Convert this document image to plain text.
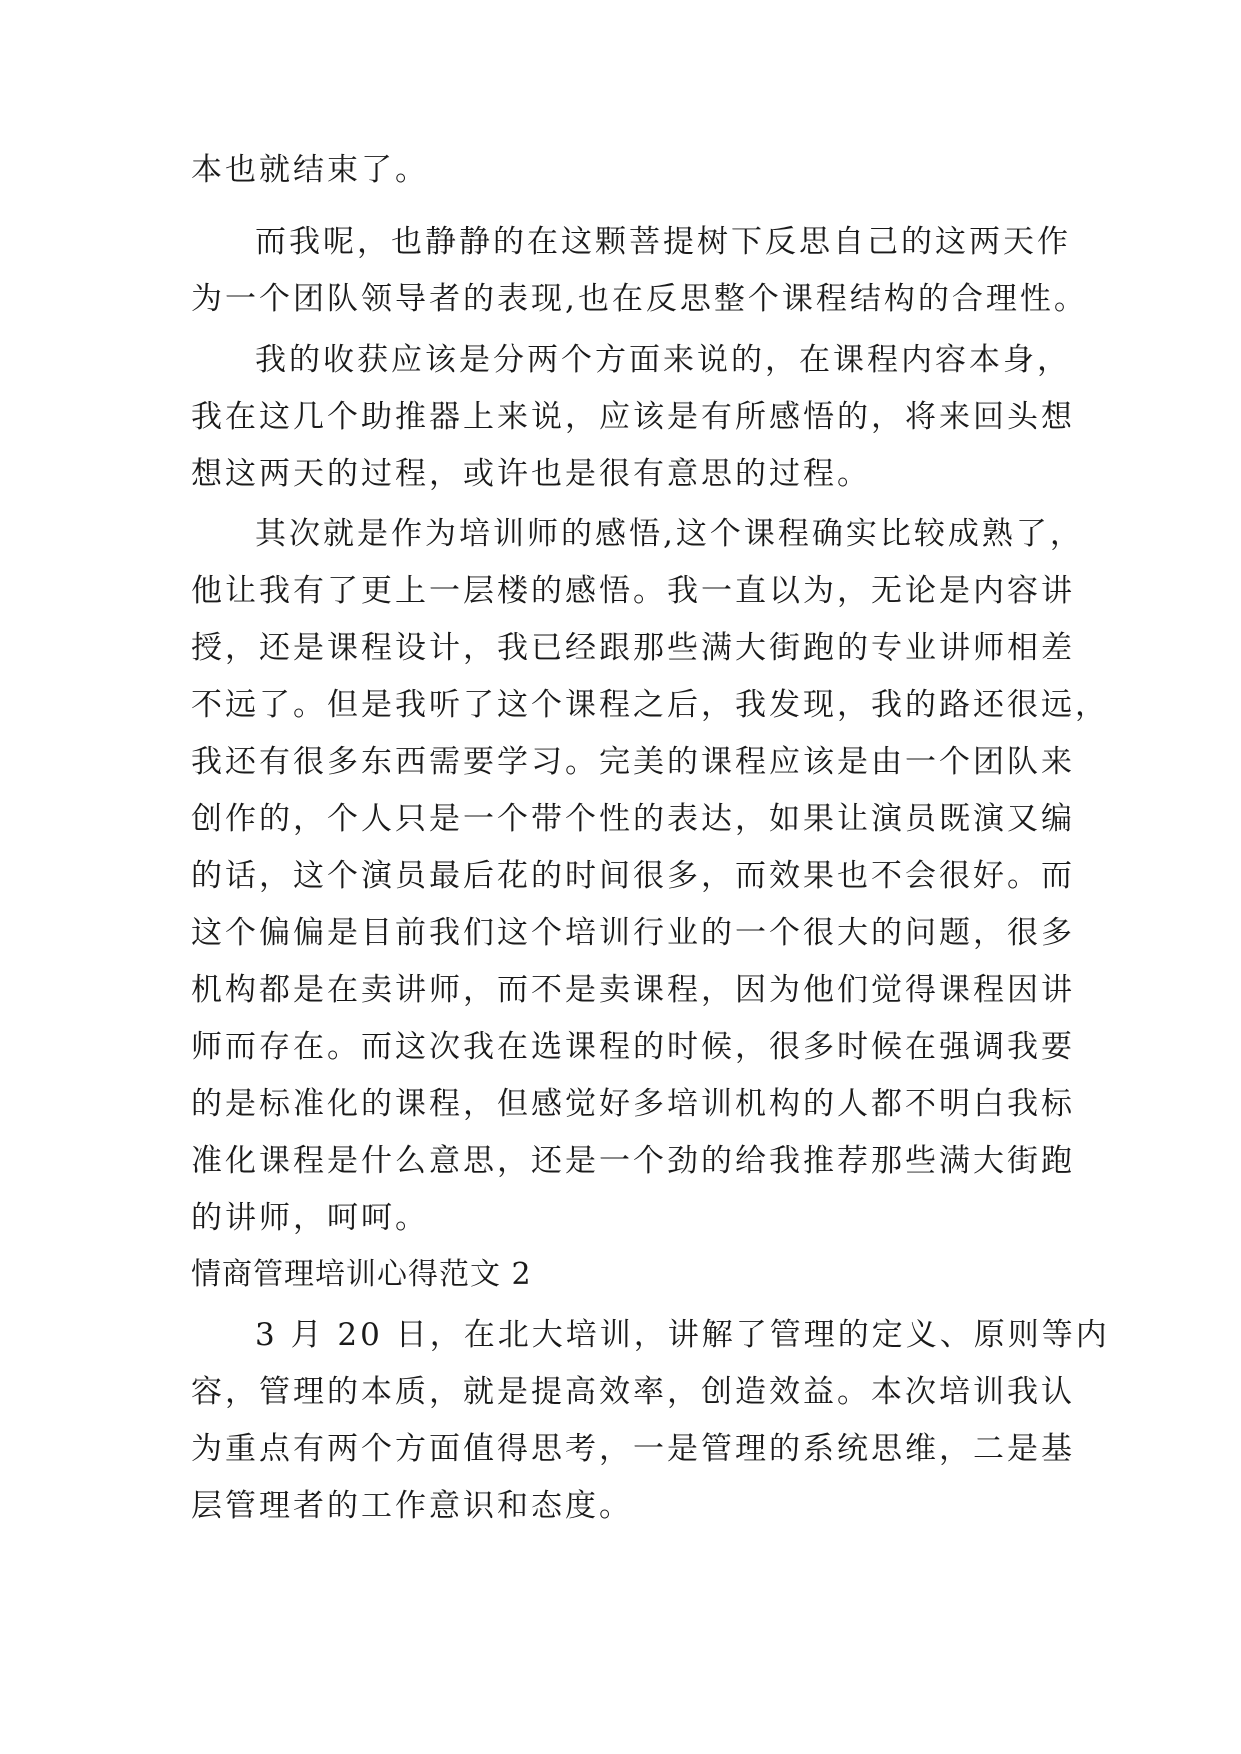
本也就结束了。
而我呢，也静静的在这颗菩提树下反思自己的这两天作
为一个团队领导者的表现,也在反思整个课程结构的合理性。
我的收获应该是分两个方面来说的，在课程内容本身，
我在这几个助推器上来说，应该是有所感悟的，将来回头想
想这两天的过程，或许也是很有意思的过程。
其次就是作为培训师的感悟,这个课程确实比较成熟了，
他让我有了更上一层楼的感悟。我一直以为，无论是内容讲
授，还是课程设计，我已经跟那些满大街跑的专业讲师相差
不远了。但是我听了这个课程之后，我发现，我的路还很远，
我还有很多东西需要学习。完美的课程应该是由一个团队来
创作的，个人只是一个带个性的表达，如果让演员既演又编
的话，这个演员最后花的时间很多，而效果也不会很好。而
这个偏偏是目前我们这个培训行业的一个很大的问题，很多
机构都是在卖讲师，而不是卖课程，因为他们觉得课程因讲
师而存在。而这次我在选课程的时候，很多时候在强调我要
的是标准化的课程，但感觉好多培训机构的人都不明白我标
准化课程是什么意思，还是一个劲的给我推荐那些满大街跑
的讲师，呵呵。
情商管理培训心得范文 2
3 月 20 日，在北大培训，讲解了管理的定义、原则等内
容，管理的本质，就是提高效率，创造效益。本次培训我认
为重点有两个方面值得思考，一是管理的系统思维，二是基
层管理者的工作意识和态度。
